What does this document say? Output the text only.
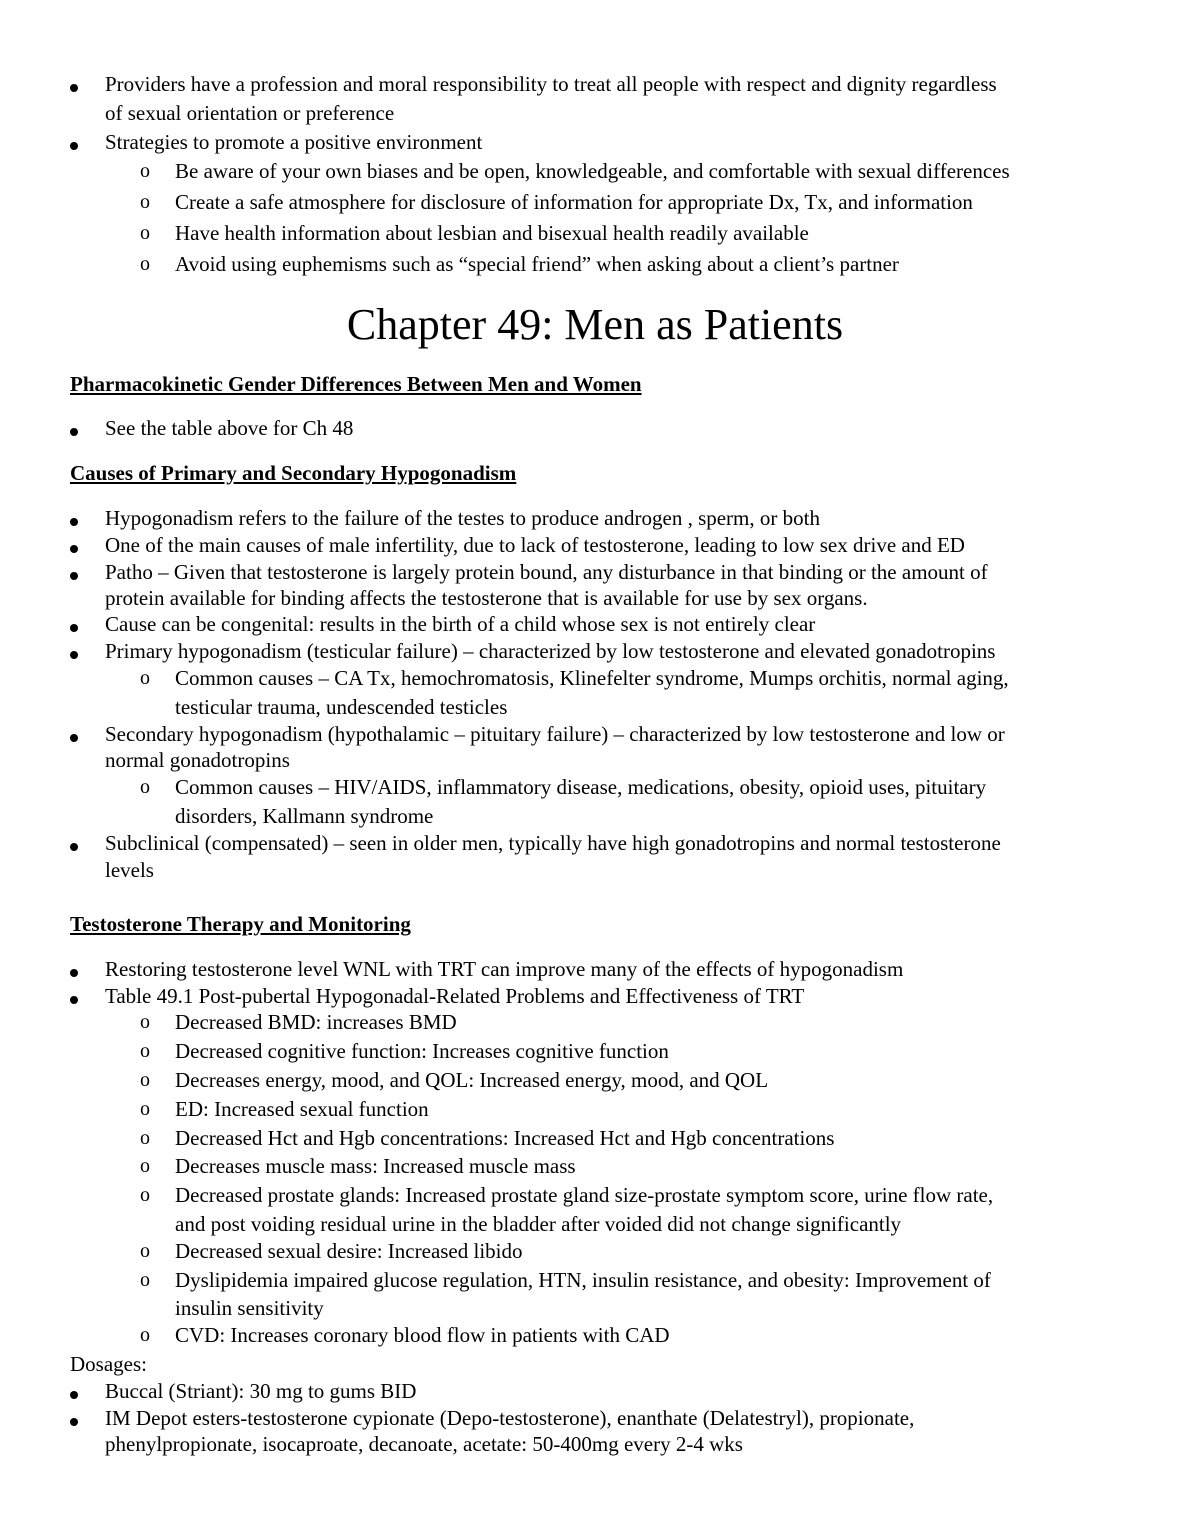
Providers have a profession and moral responsibility to treat all people with respect and dignity regardless
of sexual orientation or preference
Strategies to promote a positive environment
o Be aware of your own biases and be open, knowledgeable, and comfortable with sexual differences
o Create a safe atmosphere for disclosure of information for appropriate Dx, Tx, and information
o Have health information about lesbian and bisexual health readily available
o Avoid using euphemisms such as “special friend” when asking about a client’s partner
Chapter 49: Men as Patients
Pharmacokinetic Gender Differences Between Men and Women
See the table above for Ch 48
Causes of Primary and Secondary Hypogonadism
Hypogonadism refers to the failure of the testes to produce androgen , sperm, or both
One of the main causes of male infertility, due to lack of testosterone, leading to low sex drive and ED
Patho – Given that testosterone is largely protein bound, any disturbance in that binding or the amount of
protein available for binding affects the testosterone that is available for use by sex organs.
Cause can be congenital: results in the birth of a child whose sex is not entirely clear
Primary hypogonadism (testicular failure) – characterized by low testosterone and elevated gonadotropins
o Common causes – CA Tx, hemochromatosis, Klinefelter syndrome, Mumps orchitis, normal aging,
testicular trauma, undescended testicles
Secondary hypogonadism (hypothalamic – pituitary failure) – characterized by low testosterone and low or
normal gonadotropins
o Common causes – HIV/AIDS, inflammatory disease, medications, obesity, opioid uses, pituitary
disorders, Kallmann syndrome
Subclinical (compensated) – seen in older men, typically have high gonadotropins and normal testosterone
levels
Testosterone Therapy and Monitoring
Restoring testosterone level WNL with TRT can improve many of the effects of hypogonadism
Table 49.1 Post-pubertal Hypogonadal-Related Problems and Effectiveness of TRT
o Decreased BMD: increases BMD
o Decreased cognitive function: Increases cognitive function
o Decreases energy, mood, and QOL: Increased energy, mood, and QOL
o ED: Increased sexual function
o Decreased Hct and Hgb concentrations: Increased Hct and Hgb concentrations
o Decreases muscle mass: Increased muscle mass
o Decreased prostate glands: Increased prostate gland size-prostate symptom score, urine flow rate,
and post voiding residual urine in the bladder after voided did not change significantly
o Decreased sexual desire: Increased libido
o Dyslipidemia impaired glucose regulation, HTN, insulin resistance, and obesity: Improvement of
insulin sensitivity
o CVD: Increases coronary blood flow in patients with CAD
Dosages:
Buccal (Striant): 30 mg to gums BID
IM Depot esters-testosterone cypionate (Depo-testosterone), enanthate (Delatestryl), propionate,
phenylpropionate, isocaproate, decanoate, acetate: 50-400mg every 2-4 wks
